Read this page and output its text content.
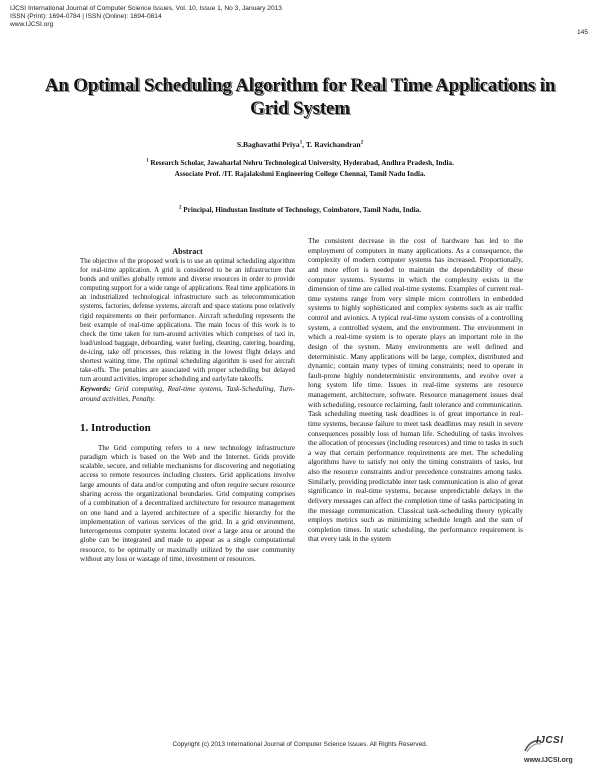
IJCSI International Journal of Computer Science Issues, Vol. 10, Issue 1, No 3, January 2013
ISSN (Print): 1694-0784 | ISSN (Online): 1694-0814
www.IJCSI.org
145
An Optimal Scheduling Algorithm for Real Time Applications in Grid System
S.Baghavathi Priya$^1$, T. Ravichandran$^2$
$^1$ Research Scholar, Jawaharlal Nehru Technological University, Hyderabad, Andhra Pradesh, India.
Associate Prof. /IT. Rajalakshmi Engineering College Chennai, Tamil Nadu India.
$^2$ Principal, Hindustan Institute of Technology, Coimbatore, Tamil Nadu, India.
Abstract

The objective of the proposed work is to use an optimal scheduling algorithm for real-time application. A grid is considered to be an infrastructure that bonds and unifies globally remote and diverse resources in order to provide computing support for a wide range of applications. Real time applications in an industrialized technological infrastructure such as telecommunication systems, factories, defense systems, aircraft and space stations pose relatively rigid requirements on their performance. Aircraft scheduling represents the best example of real-time applications. The main focus of this work is to check the time taken for turn-around activities which comprises of taxi in, load/unload baggage, deboarding, water fueling, cleaning, catering, boarding, de-icing, take off processes, thus relating in the lowest flight delays and shortest waiting time. The optimal scheduling algorithm is used for aircraft take-offs. The penalties are associated with proper scheduling but delayed turn around activities, improper scheduling and early/late takeoffs.

Keywords: Grid computing, Real-time systems, Task-Scheduling, Turn-around activities, Penalty.

1. Introduction

The Grid computing refers to a new technology infrastructure paradigm which is based on the Web and the Internet. Grids provide scalable, secure, and reliable mechanisms for discovering and negotiating access to remote resources including clusters. Grid applications involve large amounts of data and/or computing and often require secure resource sharing across the organizational boundaries. Grid computing comprises of a combination of a decentralized architecture for resource management on one hand and a layered architecture of a specific hierarchy for the implementation of various services of the grid. In a grid environment, heterogeneous computer systems located over a large area or around the globe can be integrated and made to appear as a single computational resource, to be optimally or maximally utilized by the user community without any loss or wastage of time, investment or resources.

The consistent decrease in the cost of hardware has led to the employment of computers in many applications. As a consequence, the complexity of modern computer systems has increased. Proportionally, and more effort is needed to maintain the dependability of these computer systems. Systems in which the complexity exists in the dimension of time are called real-time systems. Examples of current real-time systems range from very simple micro controllers in embedded systems to highly sophisticated and complex systems such as air traffic control and avionics. A typical real-time system consists of a controlling system, a controlled system, and the environment. The environment in which a real-time system is to operate plays an important role in the design of the system. Many environments are well defined and deterministic. Many applications will be large, complex, distributed and dynamic; contain many types of timing constraints; need to operate in fault-prone highly nondeterministic environments, and evolve over a long system life time. Issues in real-time systems are resource management, architecture, software. Resource management issues deal with scheduling, resource reclaiming, fault tolerance and communication.

Task scheduling meeting task deadlines is of great importance in real-time systems, because failure to meet task deadlines may result in severe consequences possibly loss of human life. Scheduling of tasks involves the allocation of processes (including resources) and time to tasks in such a way that certain performance requirements are met. The scheduling algorithms have to satisfy not only the timing constraints of tasks, but also the resource constraints and/or precedence constraints among tasks. Similarly, providing predictable inter task communication is also of great significance in real-time systems, because unpredictable delays in the delivery messages can affect the completion time of tasks participating in the message communication. Classical task-scheduling theory typically employs metrics such as minimizing schedule length and the sum of completion times. In static scheduling, the performance requirement is that every task in the system

Copyright (c) 2013 International Journal of Computer Science Issues. All Rights Reserved.	IJCSI
www.IJCSI.org
